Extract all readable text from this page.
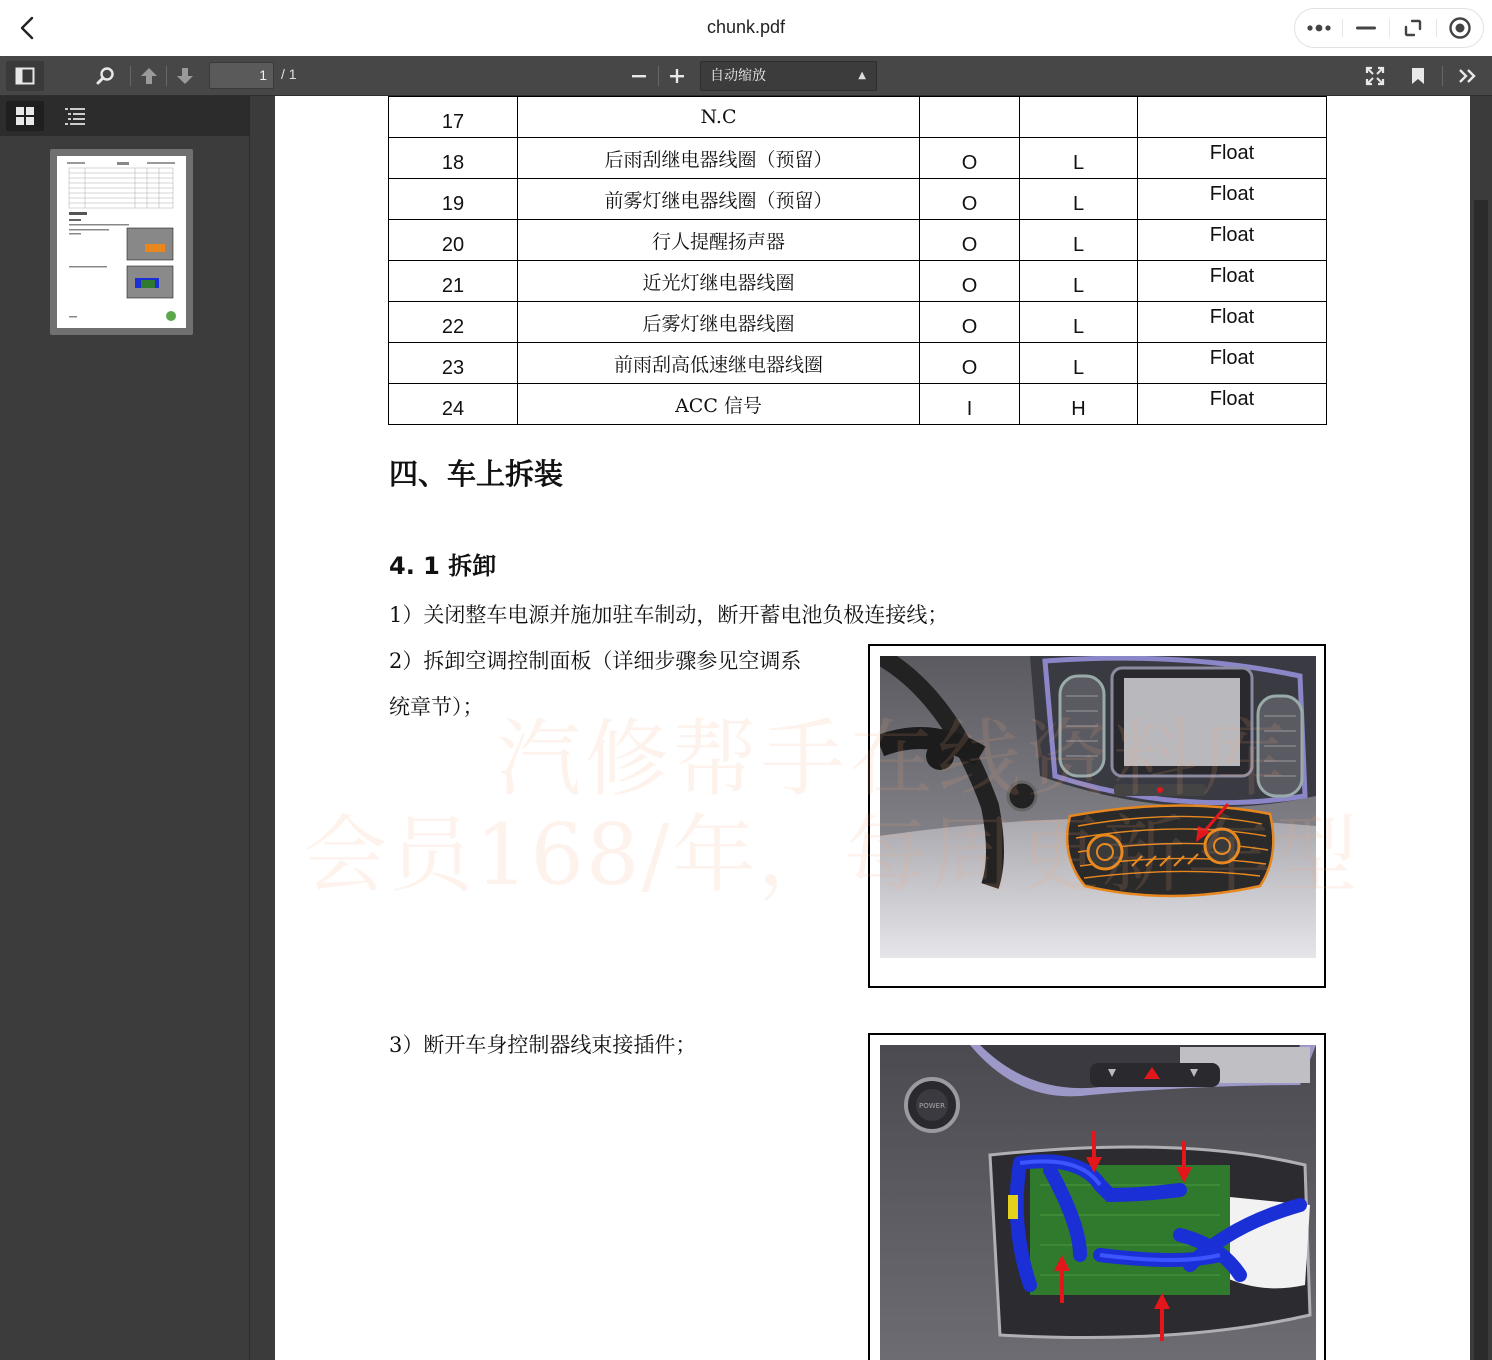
chunk.pdf
1	/ 1	自动缩放	▲

17	N.C			
18	后雨刮继电器线圈（预留）	O	L	Float
19	前雾灯继电器线圈（预留）	O	L	Float
20	行人提醒扬声器	O	L	Float
21	近光灯继电器线圈	O	L	Float
22	后雾灯继电器线圈	O	L	Float
23	前雨刮高低速继电器线圈	O	L	Float
24	ACC 信号	I	H	Float
四、车上拆装
4. 1 拆卸
1）关闭整车电源并施加驻车制动，断开蓄电池负极连接线；
2）拆卸空调控制面板（详细步骤参见空调系
统章节）；
3）断开车身控制器线束接插件；
POWER
会员168/年，每周更新车型
